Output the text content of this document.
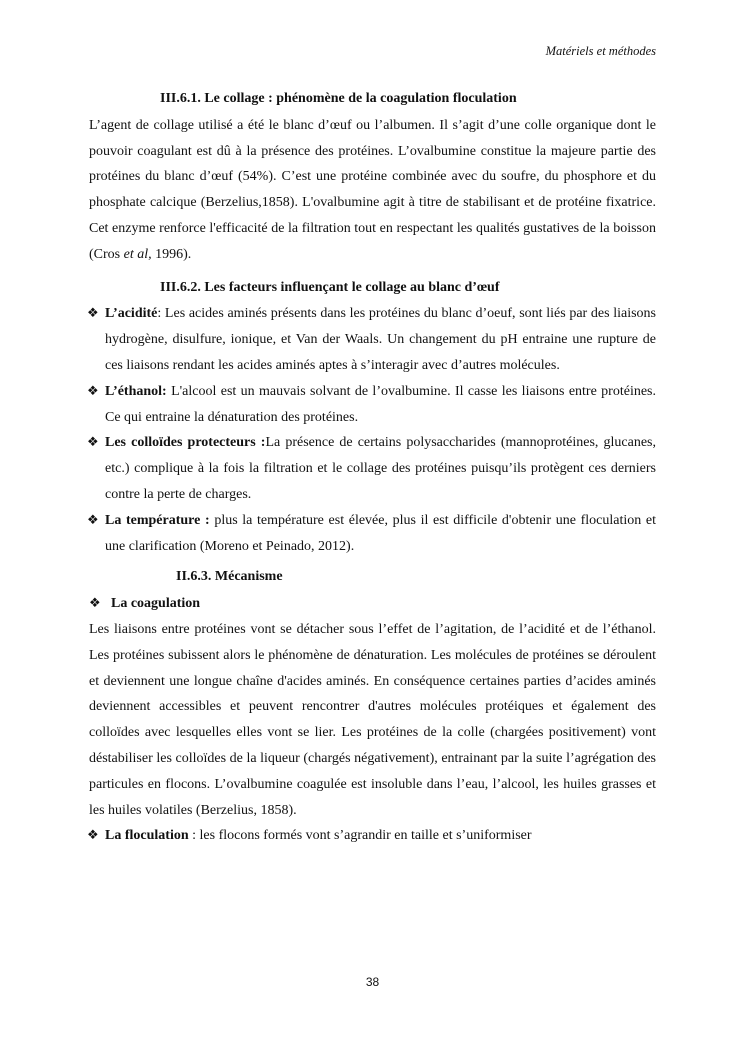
Matériels et méthodes
III.6.1. Le collage : phénomène de la coagulation floculation

L’agent de collage utilisé a été le blanc d’œuf ou l’albumen. Il s’agit d’une colle organique dont le pouvoir coagulant est dû à la présence des protéines. L’ovalbumine constitue la majeure partie des protéines du blanc d’œuf (54%). C’est une protéine combinée avec du soufre, du phosphore et du phosphate calcique (Berzelius,1858). L'ovalbumine agit à titre de stabilisant et de protéine fixatrice. Cet enzyme renforce l'efficacité de la filtration tout en respectant les qualités gustatives de la boisson (Cros et al, 1996).

III.6.2. Les facteurs influençant le collage au blanc d’œuf
❖ L’acidité: Les acides aminés présents dans les protéines du blanc d’oeuf, sont liés par des liaisons hydrogène, disulfure, ionique, et Van der Waals. Un changement du pH entraine une rupture de ces liaisons rendant les acides aminés aptes à s’interagir avec d’autres molécules.
❖ L’éthanol: L'alcool est un mauvais solvant de l’ovalbumine. Il casse les liaisons entre protéines. Ce qui entraine la dénaturation des protéines.
❖ Les colloïdes protecteurs :La présence de certains polysaccharides (mannoprotéines, glucanes, etc.) complique à la fois la filtration et le collage des protéines puisqu’ils protègent ces derniers contre la perte de charges.
❖ La température : plus la température est élevée, plus il est difficile d'obtenir une floculation et une clarification (Moreno et Peinado, 2012).
II.6.3. Mécanisme
❖ La coagulation

Les liaisons entre protéines vont se détacher sous l’effet de l’agitation, de l’acidité et de l’éthanol. Les protéines subissent alors le phénomène de dénaturation. Les molécules de protéines se déroulent et deviennent une longue chaîne d'acides aminés. En conséquence certaines parties d’acides aminés deviennent accessibles et peuvent rencontrer d'autres molécules protéiques et également des colloïdes avec lesquelles elles vont se lier. Les protéines de la colle (chargées positivement) vont déstabiliser les colloïdes de la liqueur (chargés négativement), entrainant par la suite l’agrégation des particules en flocons. L’ovalbumine coagulée est insoluble dans l’eau, l’alcool, les huiles grasses et les huiles volatiles (Berzelius, 1858).

❖ La floculation : les flocons formés vont s’agrandir en taille et s’uniformiser
38
